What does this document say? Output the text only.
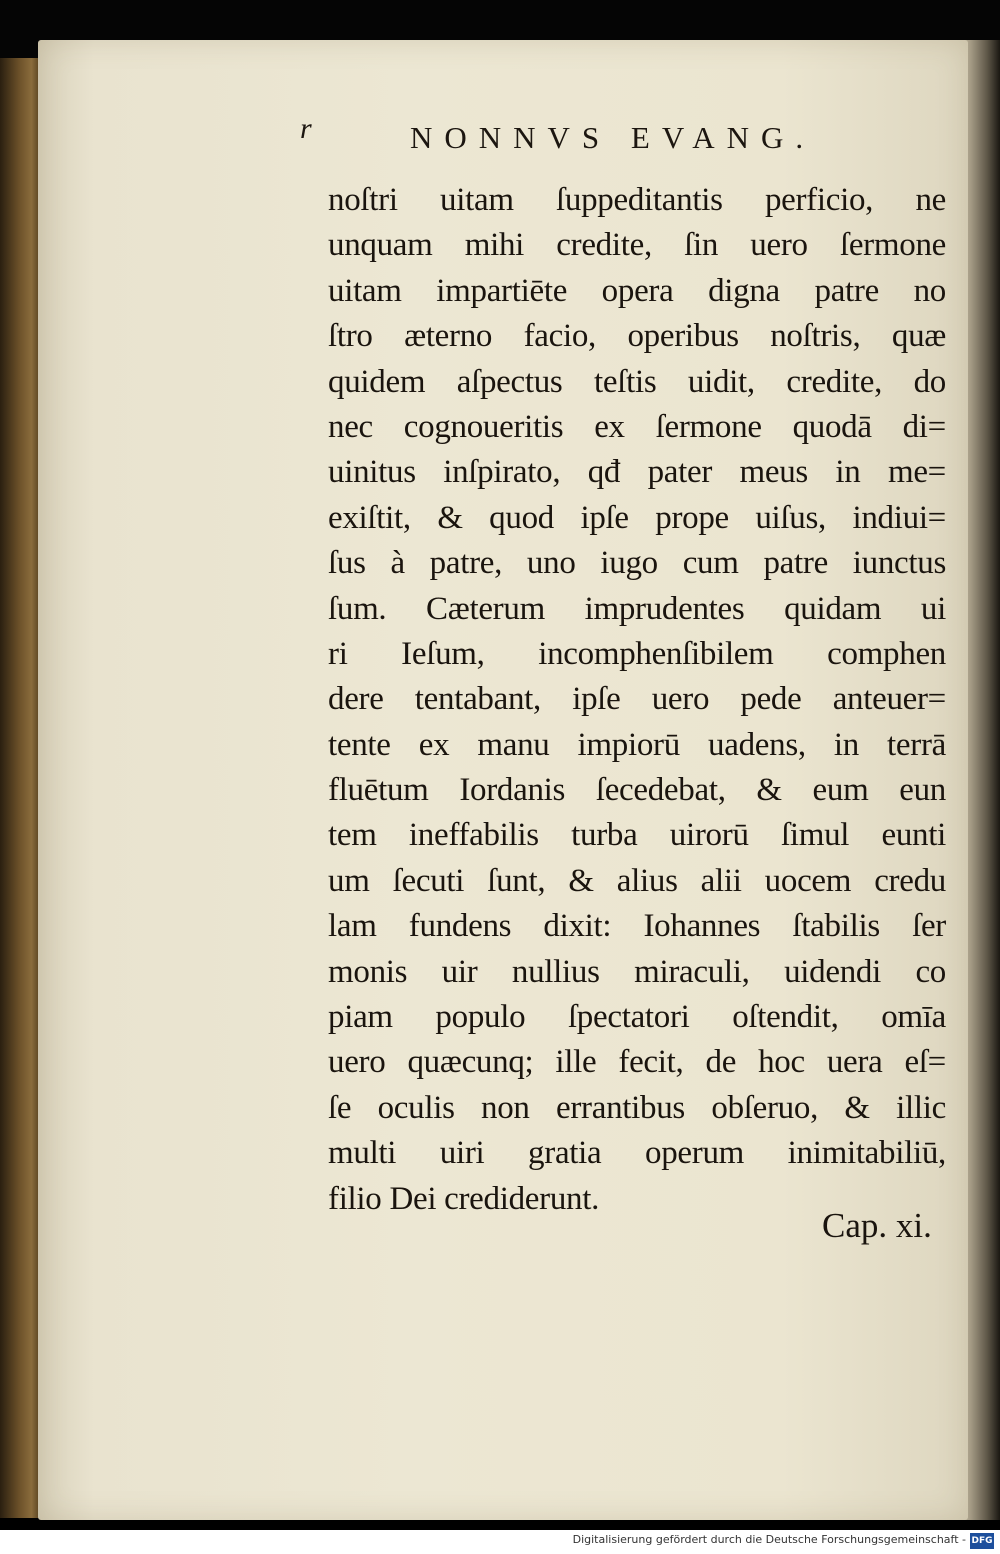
r	NONNVS EVANG.
noſtri uitam ſuppeditantis perficio, ne
unquam mihi credite, ſin uero ſermone
uitam impartiēte opera digna patre no
ſtro æterno facio, operibus noſtris, quæ
quidem aſpectus teſtis uidit, credite, do
nec cognoueritis ex ſermone quodā di=
uinitus inſpirato, qđ pater meus in me=
exiſtit, & quod ipſe prope uiſus, indiui=
ſus à patre, uno iugo cum patre iunctus
ſum. Cæterum imprudentes quidam ui
ri Ieſum, incomphenſibilem comphen
dere tentabant, ipſe uero pede anteuer=
tente ex manu impiorū uadens, in terrā
fluētum Iordanis ſecedebat, & eum eun
tem ineffabilis turba uirorū ſimul eunti
um ſecuti ſunt, & alius alii uocem credu
lam fundens dixit: Iohannes ſtabilis ſer
monis uir nullius miraculi, uidendi co
piam populo ſpectatori oſtendit, omīa
uero quæcunq; ille fecit, de hoc uera eſ=
ſe oculis non errantibus obſeruo, & illic
multi uiri gratia operum inimitabiliū,
filio Dei crediderunt.
Cap. xi.
Digitalisierung gefördert durch die Deutsche Forschungsgemeinschaft - DFG
